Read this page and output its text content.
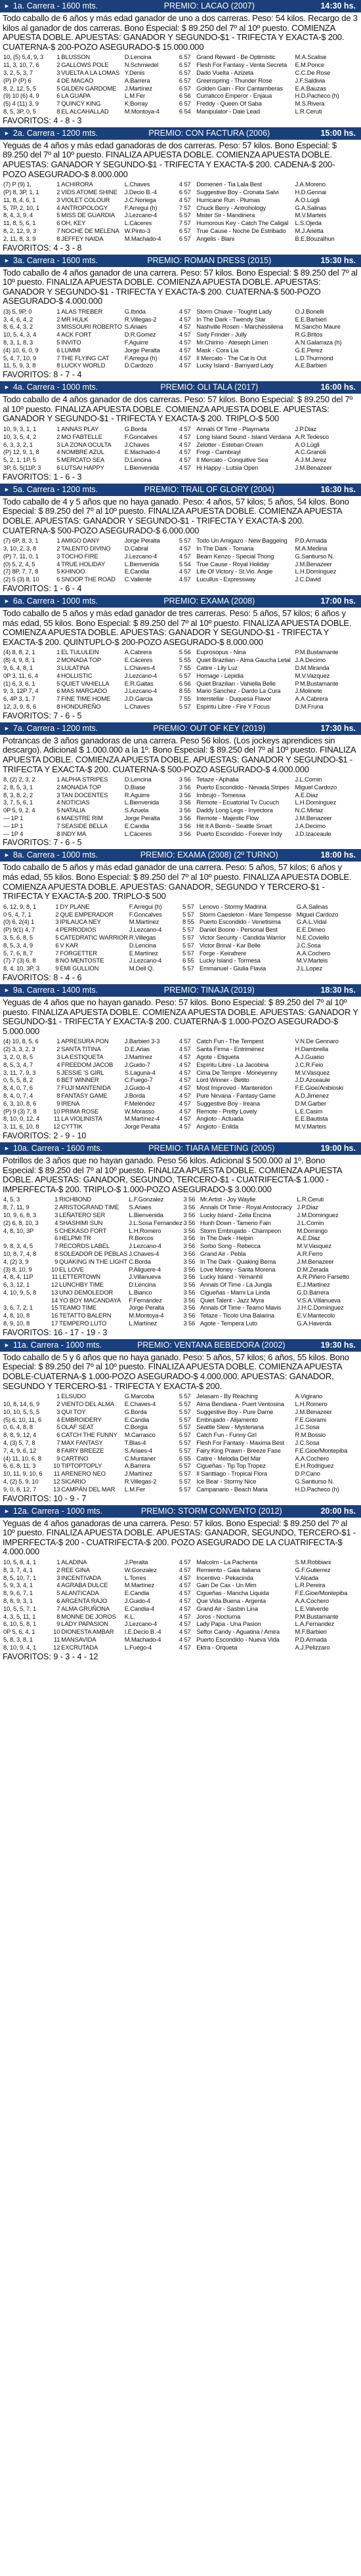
► 1a. Carrera - 1600 mts.	PREMIO: LACAO (2007)	14:30 hs.
Todo caballo de 6 años y más edad ganador de uno a dos carreras. Peso: 54 kilos. Recargo de 3 kilos al ganador de dos carreras. Bono Especial: $ 89.250 del 7º al 10º puesto. COMIENZA APUESTA DOBLE. APUESTAS: GANADOR Y SEGUNDO-$1 - TRIFECTA Y EXACTA-$ 200. CUATERNA-$ 200-POZO ASEGURADO-$ 15.000.000
10, (5) 5,4, 9, 3	1	BLUSSON	D.Lencina	6 57	Grand Reward - Be Optimistic	M.A.Scalise
11, 3, 10, 7, 6	2	GALLOWS POLE	N.Schmiedel	6 57	Flesh For Fantasy - Venta Secreta	E.M.Ponce
3, 2, 5, 3, 7	3	VUELTA A LA LOMAS	Y.Denis	6 57	Dado Vuelta - Azizeta	C.C.De Rose
(P) P (P) 6	4	DE MACAO	A.Barrera	6 57	Greenspring - Thunder Rose	J.F.Saldivia
8, 2, 12, 5, 5	5	GILDEN GARDOME	J.Martínez	6 57	Golden Gain - Flor Cantamberas	E.A.Bauzas
(9) 10 (6) 4, 9	6	LA GUAPA	L.M.Fer	6 56	Curraticco Emperor - Enjaua	H.D.Pacheco (h)
(5) 4 (11) 3, 9	7	QUINCY KING	K.Borray	6 57	Freddy - Queen Of Saba	M.S.Rivera
8, 5, 3P, 0, 5	8	EL ALCAHALLAD	M.Montoya-4	6 54	Manipulator - Dale Lead	L.R.Ceruti
FAVORITOS: 4 - 8 - 3
► 2a. Carrera - 1200 mts.	PREMIO: CON FACTURA (2006)	15:00 hs.
Yeguas de 4 años y más edad ganadoras de dos carreras. Peso: 57 kilos. Bono Especial: $ 89.250 del 7º al 10º puesto. FINALIZA APUESTA DOBLE. COMIENZA APUESTA DOBLE. APUESTAS: GANADOR Y SEGUNDO-$1 - TRIFECTA Y EXACTA-$ 200. CADENA-$ 200-POZO ASEGURADO-$ 8.000.000
(7) P (9) 1,	1	ACHIRORA	L.Chaves	4 57	Domeneri - Tia Lala Best	J.A.Moreno
(P) 8, 3P, 1, 1	2	VIDS ATOME SHINE	J.Decio B.-4	6 57	Suggestive Boy - Cronata Salvi	H.D.Gennai
11, 8, 4, 6, 1	3	VIOLET COLOUR	J.C.Noriega	4 57	Hurricane Run - Plumas	A.O.Lügli
5, 7P, 2, 10, 1	4	ANTROPOLOGY	F.Arregui (h)	7 57	Chuck Berry - Antrohology	G.A.Salinas
8, 4, 3, 9, 4	5	MISS DE GUARDIA	J.Lezcano-4	5 57	Mister Sir - Mandinera	M.V.Marteis
11, 8, 5, 6, 1	6	OH, KEY	L.Cáceres	7 57	Humorous Key - Catch The Caligal	L.S.Ojeda
8, 2, 12, 9, 3	7	NOCHE DE MELENA	W.Pinto-3	6 57	True Cause - Noche De Estribado	M.J.Arietta
2, 11, 8, 3, 9	8	JEFFEY NAIDA	M.Machado-4	6 57	Angelis - Blani	B.E.Bouzalhun
FAVORITOS: 4 - 3 - 8
► 3a. Carrera - 1600 mts.	PREMIO: ROMAN DRESS (2015)	15:30 hs.
Todo caballo de 4 años ganador de una carrera. Peso: 57 kilos. Bono Especial: $ 89.250 del 7º al 10º puesto. FINALIZA APUESTA DOBLE. COMIENZA APUESTA DOBLE. APUESTAS: GANADOR Y SEGUNDO-$1 - TRIFECTA Y EXACTA-$ 200. CUATERNA-$ 500-POZO ASEGURADO-$ 4.000.000
(3) 5, 9P, 0	1	ALAS TREBER	G.Ibrida	4 57	Storm Chiave - Toughtt Lady	O.J.Bonelli
3, 4, 6, 4, 2	2	MR HULK	R.Villegas-2	4 57	In The Dark - Twendy Star	E.E.Barbieri
8, 6, 4, 3, 2	3	MISSOURI ROBERTO	S.Ariaes	4 57	Nashville Rosen - Marchessilena	M.Sancho Maure
10, 5, 4, 3, 4	4	ACK FORT	D.R.Gomez	4 57	Sixty Frinder - Jully	R.G.Britos
8, 3, 1, 8, 3	5	INVITO	F.Aguirre	4 57	Mr.Chirino - Ateseph Limen	A.N.Galarraza (h)
(4) 10, 6, 0, 9	6	LUMMI	Jorge Peralta	4 57	Mask - Cora Lia	G.E.Perez
5, 4, 7, 10, 9	7	THE FLYING CAT	F.Arregui (h)	4 57	Il Mercato - The Cat Is Out	L.D.Thurmond
11, 5, 9, 3, 8	8	LUCKY WORLD	D.Cardozo	4 57	Lucky Island - Barnyard Lady	A.E.Barbieri
FAVORITOS: 8 - 7 - 4
► 4a. Carrera - 1000 mts.	PREMIO: OLI TALA (2017)	16:00 hs.
Todo caballo de 4 años ganador de dos carreras. Peso: 57 kilos. Bono Especial: $ 89.250 del 7º al 10º puesto. FINALIZA APUESTA DOBLE. COMIENZA APUESTA DOBLE. APUESTAS: GANADOR Y SEGUNDO-$1 - TRIFECTA Y EXACTA-$ 200. TRIPLO-$ 500
10, 9, 3, 1, 1	1	ANNAS PLAY	G.Borda	4 57	Annals Of Time - Playmarta	J.P.Diaz
10, 3, 5, 4, 2	2	MO FABTELLE	F.Goncalves	4 57	Long Island Sound - Island Verdana	A.R.Tedesco
6, 3, 3, 2, 1	3	LA ZONA OCULTA	J.Chaves	4 57	Zelotter - Esteban Cream	A.O.Lügli
(P) 12, 9, 1, 8	4	NOMBRE AZUL	E.Machado-4	4 57	Fregi - Cambrayl	A.C.Granoli
5, 2, 1, 1P, 5	5	MERCATO SEA	D.Lencina	4 57	Il Mercato - Conquitive Sea	A.J.M.Jerez
3P, 5, 5(11P, 3	6	LUTSAI HAPPY	L.Bienvenida	4 57	Hi Happy - Lutsia Open	J.M.Benazeer
FAVORITOS: 1 - 6 - 3
► 5a. Carrera - 1200 mts.	PREMIO: TRAIL OF GLORY (2004)	16:30 hs.
Todo caballo de 4 y 5 años que no haya ganado. Peso: 4 años, 57 kilos; 5 años, 54 kilos. Bono Especial: $ 89.250 del 7º al 10º puesto. FINALIZA APUESTA DOBLE. COMIENZA APUESTA DOBLE. APUESTAS: GANADOR Y SEGUNDO-$1 - TRIFECTA Y EXACTA-$ 200. CUATERNA-$ 500-POZO ASEGURADO-$ 6.000.000
(7) 6P, 8, 3, 1	1	AMIGO DANY	Jorge Peralta	5 57	Todo Un Amigazo - New Baggeing	P.D.Armada
3, 10, 2, 3, 8	2	TALENTO DIVINO	D.Cabral	4 57	In The Dark - Tomaria	M.A.Medina
(P) 7, 11, 0, 1	3	TOCHO FIRE	J.Lezcano-4	4 57	Beam Kenzo - Special Thong	G.Santiurso N.
(0) 5, 2, 4, 5	4	TRUE HOLIDAY	L.Bienvenida	5 54	True Cause - Royal Holiday	J.M.Benazeer
(7) 8P, 7, 7, 8	5	KHINOO	E.Candia	4 57	Life Of Victory - St.Vio. Angie	L.H.Dominguez
(2) 5 (3) 8, 10	6	SNOOP THE ROAD	C.Valiente	4 57	Lucullus - Expressway	J.C.David
FAVORITOS: 1 - 6 - 4
► 6a. Carrera - 1000 mts.	PREMIO: EXAMA (2008)	17:00 hs.
Todo caballo de 5 años y más edad ganador de tres carreras. Peso: 5 años, 57 kilos; 6 años y más edad, 55 kilos. Bono Especial: $ 89.250 del 7º al 10º puesto. FINALIZA APUESTA DOBLE. COMIENZA APUESTA DOBLE. APUESTAS: GANADOR Y SEGUNDO-$1 - TRIFECTA Y EXACTA-$ 200. QUINTUPLO-$ 200-POZO ASEGURADO-$ 8.000.000
(4) 8, 8, 2, 1	1	EL TULULEIN	A.Cabrera	5 56	Euprosopus - Nina	P.M.Bustamante
(8) 4, 9, 8, 1	2	MONADA TOP	E.Cáceres	5 55	Quiet Brazilian - Alma Gaucha Letal	J.A.Decimo
9, 6, 4, 8, 1	3	LULATINA	L.Chaves-4	7 55	Catire - Lily Luz	D.M.Miranda
0P 3, 11, 6, 4	4	HOLLISTIC	J.Lezcano-4	5 57	Homage - Lepidia	M.V.Vazquez
(1) 6, 3, 6, 1	5	QUIET VAHIELLA	E.R.Gaitas	6 56	Quiet Brazilian - Vahiella Belle	P.M.Bustamante
9, 3, 12P 7, 4	6	MAS MARGADO	J.Lezcano-4	8 55	Mario Sanchez - Dardo La Cura	J.Molinete
6, 4P 3, 1, 7	7	FINE TIME HOME	J.D.Garcia	7 55	Interstellar - Duquesa Flavor	A.A.Cabrera
12, 3, 9, 8, 6	8	HONDUREÑO	L.Chaves	5 57	Espiritu Libre - Fire Y Focus	D.M.Fruna
FAVORITOS: 7 - 6 - 5
► 7a. Carrera - 1200 mts.	PREMIO: OUT OF KEY (2019)	17:30 hs.
Potrancas de 3 años ganadoras de una carrera. Peso 56 kilos. (Los jockeys aprendices sin descargo). Adicional $ 1.000.000 a la 1º. Bono Especial: $ 89.250 del 7º al 10º puesto. FINALIZA APUESTA DOBLE. COMIENZA APUESTA DOBLE. APUESTAS: GANADOR Y SEGUNDO-$1 - TRIFECTA Y EXACTA-$ 200. CUATERNA-$ 500-POZO ASEGURADO-$ 4.000.000
8, (2) 2, 3, 2	1	ALPHA STRIPES	D.Lencina	3 56	Tetaze - Aphalia	J.L.Comin
2, 8, 5, 3, 1	2	MONADA TOP	D.Biase	3 56	Puerto Escondido - Nevada Stripes	Miguel Cardozo
8, 3, 8, 2, 2	3	TAN DOCENTES	R.Aguirre	3 56	Imbrujo - Tomessa	A.E.Diaz
3, 7, 5, 6, 1	4	NOTICIAS	L.Bienvenida	3 56	Remote - Ecuatorial Tv Cucuch	L.H.Dominguez
0P 5, 9, 2, 4	5	NATALIA	S.Azuela	3 56	Daddy Long Legs - Inyectora	N.C.Mirtaz
— 1P 1	6	MAESTRE RIM	Jorge Peralta	3 56	Remote - Majestic Flow	J.M.Benazeer
— 1P 1	7	SEASIDE BELLA	E.Candia	3 56	Hit It A Bomb - Seattle Smart	J.A.Decimo
— 1P 4	8	INDY MA	L.Cáceres	3 56	Puerto Escondido - Forever Indy	J.D.Izaceaule
FAVORITOS: 7 - 6 - 5
► 8a. Carrera - 1000 mts.	PREMIO: EXAMA (2008) (2º TURNO)	18:00 hs.
Todo caballo de 5 años y más edad ganador de una carrera. Peso: 5 años, 57 kilos; 6 años y más edad, 55 kilos. Bono Especial: $ 89.250 del 7º al 10º puesto. FINALIZA APUESTA DOBLE. COMIENZA APUESTA DOBLE. APUESTAS: GANADOR, SEGUNDO Y TERCERO-$1 - TRIFECTA Y EXACTA-$ 200. TRIPLO-$ 500
6, 12, 9, 8, 1	1	DY PLANE	F.Arregui (h)	5 57	Lenovo - Stormy Madrina	G.A.Salinas
0 5, 4, 7, 1	2	QUE EMPERADOR	F.Goncalves	5 57	Storm Caesleton - Mare Tempesse	Miguel Cardozo
(0) 6, 2(4) 1	3	IPILAUCA NEY	M.Martínez	8 55	Puerto Escondido - Venetisima	G.A.L.Vidal
(P) 9(1) 4, 7	4	PERRODIOS	J.Lezcano-4	5 57	Daniel Boone - Personal Best	E.E.Dimeo
3, 5, 6, 8, 5	5	CATEDRATIC WARRIOR	R.Villegas	5 57	Victor Security - Candida Warrior	N.E.Coviello
8, 5, 3, 4, 9	6	V KAR	D.Lencina	5 57	Victor Brinal - Kar Belle	J.C.Sosa
5, 7, 6, 8, 7	7	FORGETTER	E.Martínez	5 57	Forge - Keirafrere	A.A.Cochero
(7) 7 (3) 6, 8	8	NO MENTOSTE	J.Lezcano-4	6 55	Lucky Island - Tormesa	M.V.Marteis
8, 4, 10, 3P, 3	9	EMI GULLION	M.Dell Q.	5 57	Emmanuel - Giulia Flavia	J.L.Lopez
FAVORITOS: 8 - 4 - 6
► 9a. Carrera - 1400 mts.	PREMIO: TINAJA (2019)	18:30 hs.
Yeguas de 4 años que no hayan ganado. Peso: 57 kilos. Bono Especial: $ 89.250 del 7º al 10º puesto. FINALIZA APUESTA DOBLE. COMIENZA APUESTA DOBLE. APUESTAS: GANADOR Y SEGUNDO-$1 - TRIFECTA Y EXACTA-$ 200. CUATERNA-$ 1.000-POZO ASEGURADO-$ 5.000.000
(4) 10, 8, 5, 6	1	APRESURA PON	J.Barbieri 3-3	4 57	Catch Fun - The Tempest	V.N.De Gennaro
(2) 3, 3, 2, 3	2	SANTA TITINA	D.E.Arias	4 57	Santa Firma - Entriménez	H.Dambrella
3, 2, 0, 8, 5	3	LA ESTIQUETA	J.Martínez	4 57	Agote - Etiqueta	A.J.Guaiso
8, 5, 3, 4, 7	4	FREEDOM JACOB	J.Guido-7	4 57	Espíritu Libre - La Jacobina	J.C.R.Feio
3, 11, 7, 9, 3	5	JESSIE 'S GIRL	S.Laguna-4	4 57	Cima De Tempre - Moneyenny	M.V.Vasquez
0, 5, 5, 8, 2	6	BET WINNER	C.Fuego-7	4 57	Lord Winner - Betito	J.D.Azceaule
8, 4, 0, 7, 6	7	FUJI MANTENIDA	J.Guido-4	4 57	Most Improved - Mantenidon	F.E.Gioe/Anibioski
8, 4, 0, 7, 4	8	FANTASY GAME	J.Borda	4 57	Pure Nirvana - Fantasy Game	A.D.Jimenez
6, 3, 10, 8, 6	9	IRENA	F.Meléndez	4 57	Suggestive Boy - Ireana	D.M.Garber
(P) 9 (3) 7, 8	10	PRIMA ROSE	W.Morasso	4 57	Remote - Pretty Lovely	L.E.Casim
8, 10, 0, 12, 4	11	LA VIOLINISTA	M.Martínez-4	4 57	Angioto - Actuada	E.E.Bautista
3, 11, 6, 10, 8	12	CYTTIK	Jorge Peralta	4 57	Angioto - Enilda	M.V.Marteis
FAVORITOS: 2 - 9 - 10
► 10a. Carrera - 1600 mts.	PREMIO: TIARA MEETING (2005)	19:00 hs.
Potrillos de 3 años que no hayan ganado. Peso 56 kilos. Adicional $ 500.000 al 1º. Bono Especial: $ 89.250 del 7º al 10º puesto. FINALIZA APUESTA DOBLE. COMIENZA APUESTA DOBLE. APUESTAS: GANADOR, SEGUNDO, TERCERO-$1 - CUATRIFECTA-$ 1.000 - IMPERFECTA-$ 200. TRIPLO-$ 1.000-POZO ASEGURADO-$ 3.000.000
4, 5, 3	1	RICHBOND	L.F.Gonzalez	3 56	Mr.Artist - Joy Waylie	L.R.Ceruti
8, 7, 11, 9	2	ARISTOGRAND TIME	S.Ariaes	3 56	Annals Of Time - Royal Aristocracy	J.P.Diaz
10, 9, 6, 8, 3	3	LEÑATERO SER	L.Bienvenida	3 56	Lucky Island - Zelia Encina	J.M.Dominguez
(2) 6, 8, 10, 3	4	SHASHIMI SUN	J.L.Sosa Fernandez	3 56	Hunh Down - Tamerio Fain	J.L.Comin
4, 8, 10, 3P	5	CHEKASO FORT	L.H.Romero	3 56	Storm Embrujado - Champeon	M.Domingo
	6	HELPMI TR	R.Borcos	3 56	In The Dark - Helpin	A.E.Diaz
9, 8, 3, 4, 5	7	RECORDS LABEL	J.Lezcano-4	3 56	Sorbo Song - Rebecca	M.V.Vasquez
10, 8, 7, 4, 8	8	SOLEADOR DE PEBLAS	J.Chaves-4	3 56	Grand Air - Pebla	A.R.Ferro
4, (2) 3, 9	9	QUAKING IN THE LIGHT	C.Borda	3 56	In The Dark - Quaking Bema	J.M.Benazeer
(3) 8, 10, 9	10	EL LOVE	P.Aliguere-4	3 56	Love Money - Sarita Morena	D.M.Zerada
4, 8, 4, 11P	11	LETTERTOWN	J.Villanueva	3 56	Lucky Island - Yemanhil	A.R.Piñero Farsetto
6, 3, 12, 1	12	LUNCHBY TIME	D.Lencina	3 56	Annals Of Time - La Jungla	E.J.Martinez
4, 10, 9, 5, 8	13	UNO DEMOLEDOR	L.Bianco	3 56	Cigueñas - Marni La Linda	G.D.Barrera
	14	YO BOY MACANDAYA	F.Fernández	3 56	Quiet Talent - Jazz Myra	V.S.A.Villanueva
3, 6, 7, 2, 1	15	TEAMO TIME	Jorge Peralta	3 56	Annals Of Time - Teamo Mavis	J.H.C.Dominguez
4, 8, 10, 8	16	TETATTO BALERN	M.Montoya-4	3 56	Tetaze - Ticolo Una Balarina	E.V.Mantecolo
8, 9, 10, 8	17	TEMPERO LUTO	L.Martínez	3 56	Agote - Tempera Luto	G.A.Haverda
FAVORITOS: 16 - 17 - 19 - 3
► 11a. Carrera - 1000 mts.	PREMIO: VENTANA BEBEDORA (2002)	19:30 hs.
Todo caballo de 5 y 6 años que no haya ganado. Peso: 5 años, 57 kilos; 6 años, 55 kilos. Bono Especial: $ 89.250 del 7º al 10º puesto. FINALIZA APUESTA DOBLE. COMIENZA APUESTA DOBLE-CUATERNA-$ 1.000-POZO ASEGURADO-$ 4.000.000. APUESTAS: GANADOR, SEGUNDO Y TERCERO-$1 - TRIFECTA Y EXACTA-$ 200.
	1	ELSUDO	G.Marcoba	5 57	Jelasam - By Reaching	A.Vigirano
10, 8, 14, 6, 9	2	VIENTO DEL ALMA	E.Chaves-4	5 57	Alma Bendiana - Puert Ventosina	L.H.Romero
10, 10, 5, 5, 5	3	QUI TOY	G.Borda	5 57	Suggestive Boy - Pure Dame	J.M.Benazeer
(5) 6, 10, 11, 6	4	EMBROIDERY	E.Candia	5 57	Embrujado - Alijamento	F.E.Giorami
0, 6, 4, 8, 8	5	OLAF SEAT	C.Borgia	5 57	Seattle Slew - Mysteriana	J.C.Sosa
8, 8, 9, 12, 4	6	CATCH THE FUNNY	M.Carrasco	5 57	Catch Fun - Funny Girl	R.M.Bossio
4, (3) 5, 7, 8	7	MAX FANTASY	T.Blas-4	5 57	Flesh For Fantasy - Maxima Best	J.C.Sosa
7, 4, 9, 6, 12	8	FAIRY BREEZE	S.Ariaes-4	5 57	Fairy King Prawn - Breeze Fase	F.E.Gioe/Montepiba
(4) 11, 10, 6, 8	9	CARTINO	C.Muntaner	6 55	Catire - Melodia Del Mar	A.A.Cochero
6, 6, 8, 11, 3	10	TIPTOPTOPLY	A.Barrera	5 57	Cigueñas - Tip Top Tropez	E.H.Rodriguez
10, 11, 9, 10, 6	11	ARENERO NEO	J.Martínez	5 57	Il Santtiago - Tropical Flora	D.P.Cano
4, (2) 5, 9, 10	12	SICARIO	R.Villegas-2	5 57	Ice Bear - Stormy Nice	G.Santiurso N.
9, 0, 8, 12, 7	13	CAMPÁN DEL MAR	L.M.Fer	5 57	Campanario - Beach Maria	H.D.Pacheco (h)
FAVORITOS: 10 - 9 - 7
► 12a. Carrera - 1000 mts.	PREMIO: STORM CONVENTO (2012)	20:00 hs.
Yeguas de 4 años ganadoras de una carrera. Peso: 57 kilos. Bono Especial: $ 89.250 del 7º al 10º puesto. FINALIZA APUESTA DOBLE. APUESTAS: GANADOR, SEGUNDO, TERCERO-$1 - IMPERFECTA-$ 200 - CUATRIFECTA-$ 200. POZO ASEGURADO DE LA CUATRIFECTA-$ 4.000.000
10, 5, 8, 4, 1	1	ALADINA	J.Peralta	4 57	Malcolm - La Pachenta	S.M.Robbiani
8, 3, 7, 4, 1	2	REE GINA	W.Gonzalez	4 57	Remiento - Gaia Italiana	G.F.Gutierrez
8, 5, 10, 7, 1	3	INCENTIVADA	L.Torres	4 57	Incentivo - Pekacinda	V.Alcada
5, 9, 3, 4, 1	4	AGRABA DULCE	M.Martínez	4 57	Gain De Cax - Un Mim	L.R.Pereira
8, 9, 6, 7, 1	5	ALANTICADA	E.Candia	4 57	Cigueñas - Mancha Liquida	F.E.Gioe/Montepiba
8, 8, 9, 3, 1	6	ARGENTA RAJO	J.Guido-4	4 57	Que Vida Buena - Argenta	A.A.Cochero
10, 5, 5, 7, 1	7	ALMA GRUÑONA	E.Candia-4	4 57	Grand Air - Sasbin Lina	L.E.Valverde
4, 3, 5, 11, 1	8	MONNE DE JOROS	K.L.	4 57	Joros - Nocturna	P.M.Bustamante
6, 10, 5, 8, 1	9	LADY PAPASION	J.Lezcano-4	4 57	Lady Papa - Una Pasion	L.A.Fernandez
0P 5, 6, 4, 1	10	DIONESTA AMBAR	I.E.Decio B.-4	4 57	Seftor Candy - Aguatina / Amira	M.F.Barbieri
5, 8, 3, 8, 1	11	MANSAVIDA	M.Machado-4	4 57	Puerto Escondido - Nueva Vida	P.D.Armada
8, 10, 9, 4, 1	12	EXCRUTADA	L.Fuego-4	4 57	Ektra - Orqueta	A.J.Pelizzaro
FAVORITOS: 9 - 3 - 4 - 12
